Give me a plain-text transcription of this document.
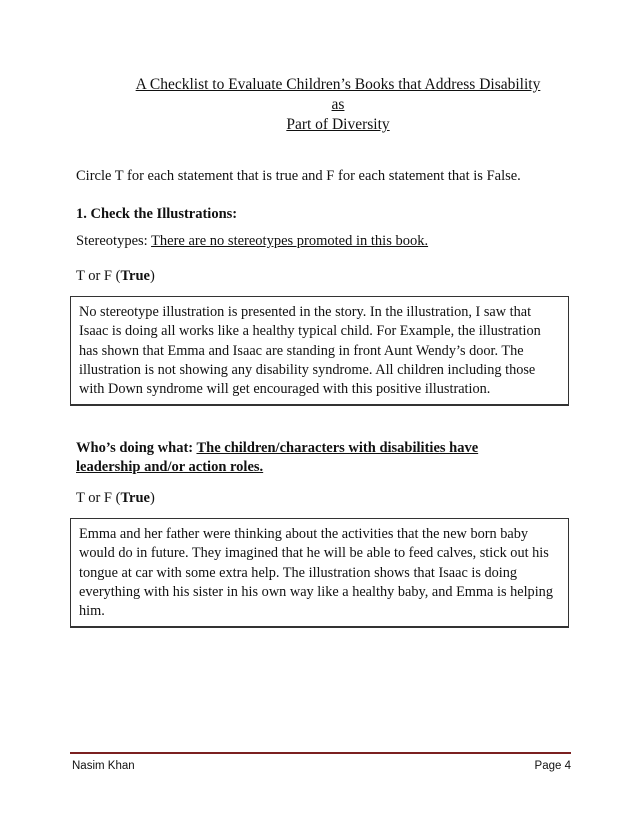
A Checklist to Evaluate Children’s Books that Address Disability
as
Part of Diversity
Circle T for each statement that is true and F for each statement that is False.
1. Check the Illustrations:
Stereotypes: There are no stereotypes promoted in this book.
T or F (True)
No stereotype illustration is presented in the story. In the illustration, I saw that Isaac is doing all works like a healthy typical child. For Example, the illustration has shown that Emma and Isaac are standing in front Aunt Wendy’s door. The illustration is not showing any disability syndrome. All children including those with Down syndrome will get encouraged with this positive illustration.
Who’s doing what: The children/characters with disabilities have
leadership and/or action roles.
T or F (True)
Emma and her father were thinking about the activities that the new born baby would do in future. They imagined that he will be able to feed calves, stick out his tongue at car with some extra help. The illustration shows that Isaac is doing everything with his sister in his own way like a healthy baby, and Emma is helping him.
Nasim Khan	Page 4
